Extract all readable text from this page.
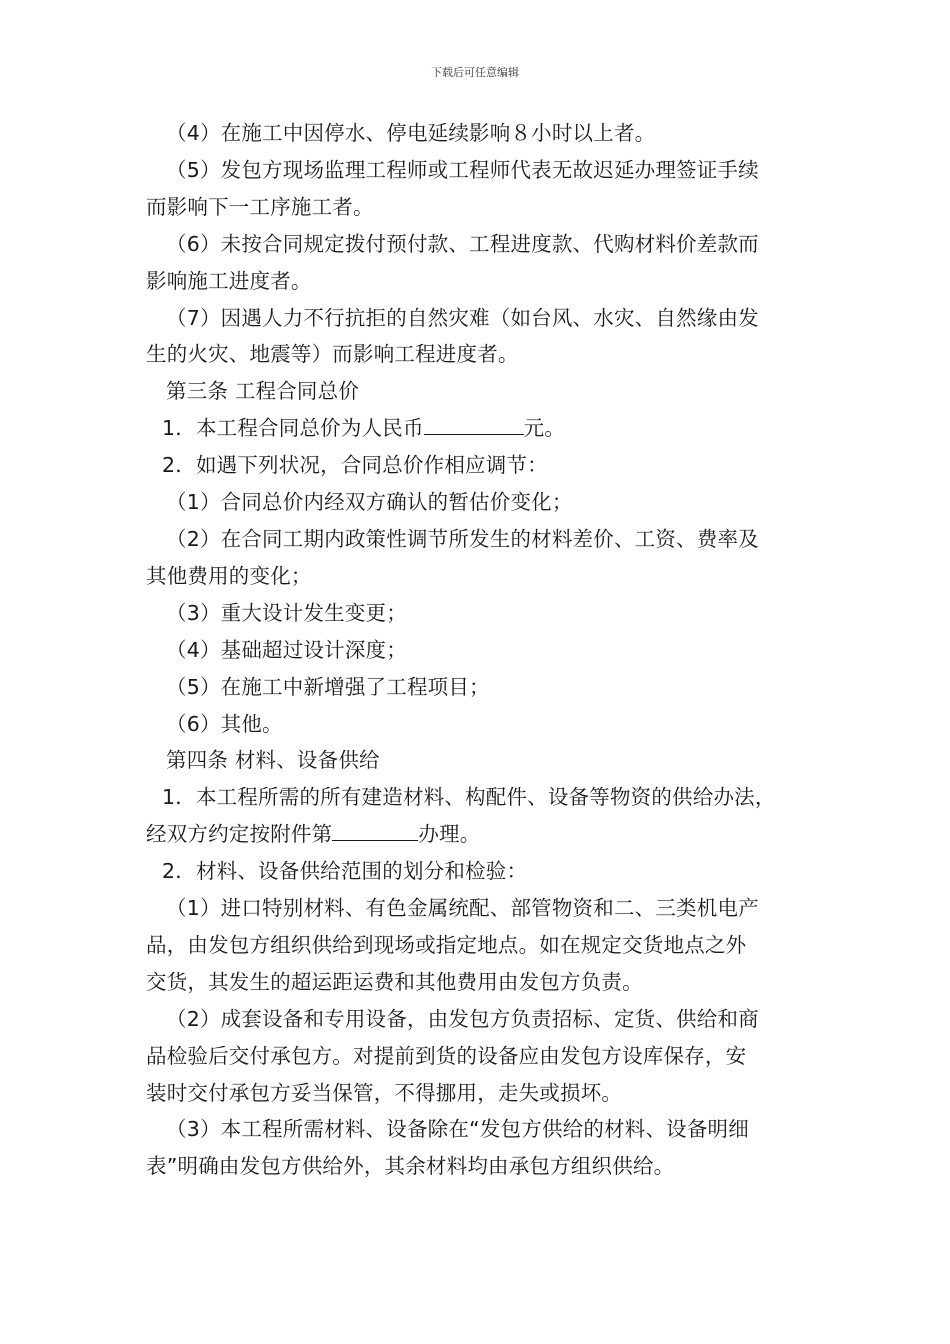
下载后可任意编辑
（4）在施工中因停水、停电延续影响８小时以上者。
（5）发包方现场监理工程师或工程师代表无故迟延办理签证手续
而影响下一工序施工者。
（6）未按合同规定拨付预付款、工程进度款、代购材料价差款而
影响施工进度者。
（7）因遇人力不行抗拒的自然灾难（如台风、水灾、自然缘由发
生的火灾、地震等）而影响工程进度者。
第三条 工程合同总价
1．本工程合同总价为人民币	元。
2．如遇下列状况，合同总价作相应调节：
（1）合同总价内经双方确认的暂估价变化；
（2）在合同工期内政策性调节所发生的材料差价、工资、费率及
其他费用的变化；
（3）重大设计发生变更；
（4）基础超过设计深度；
（5）在施工中新增强了工程项目；
（6）其他。
第四条 材料、设备供给
1．本工程所需的所有建造材料、构配件、设备等物资的供给办法，
经双方约定按附件第	办理。
2．材料、设备供给范围的划分和检验：
（1）进口特别材料、有色金属统配、部管物资和二、三类机电产
品，由发包方组织供给到现场或指定地点。如在规定交货地点之外
交货，其发生的超运距运费和其他费用由发包方负责。
（2）成套设备和专用设备，由发包方负责招标、定货、供给和商
品检验后交付承包方。对提前到货的设备应由发包方设库保存，安
装时交付承包方妥当保管，不得挪用，走失或损坏。
（3）本工程所需材料、设备除在“发包方供给的材料、设备明细
表”明确由发包方供给外，其余材料均由承包方组织供给。
